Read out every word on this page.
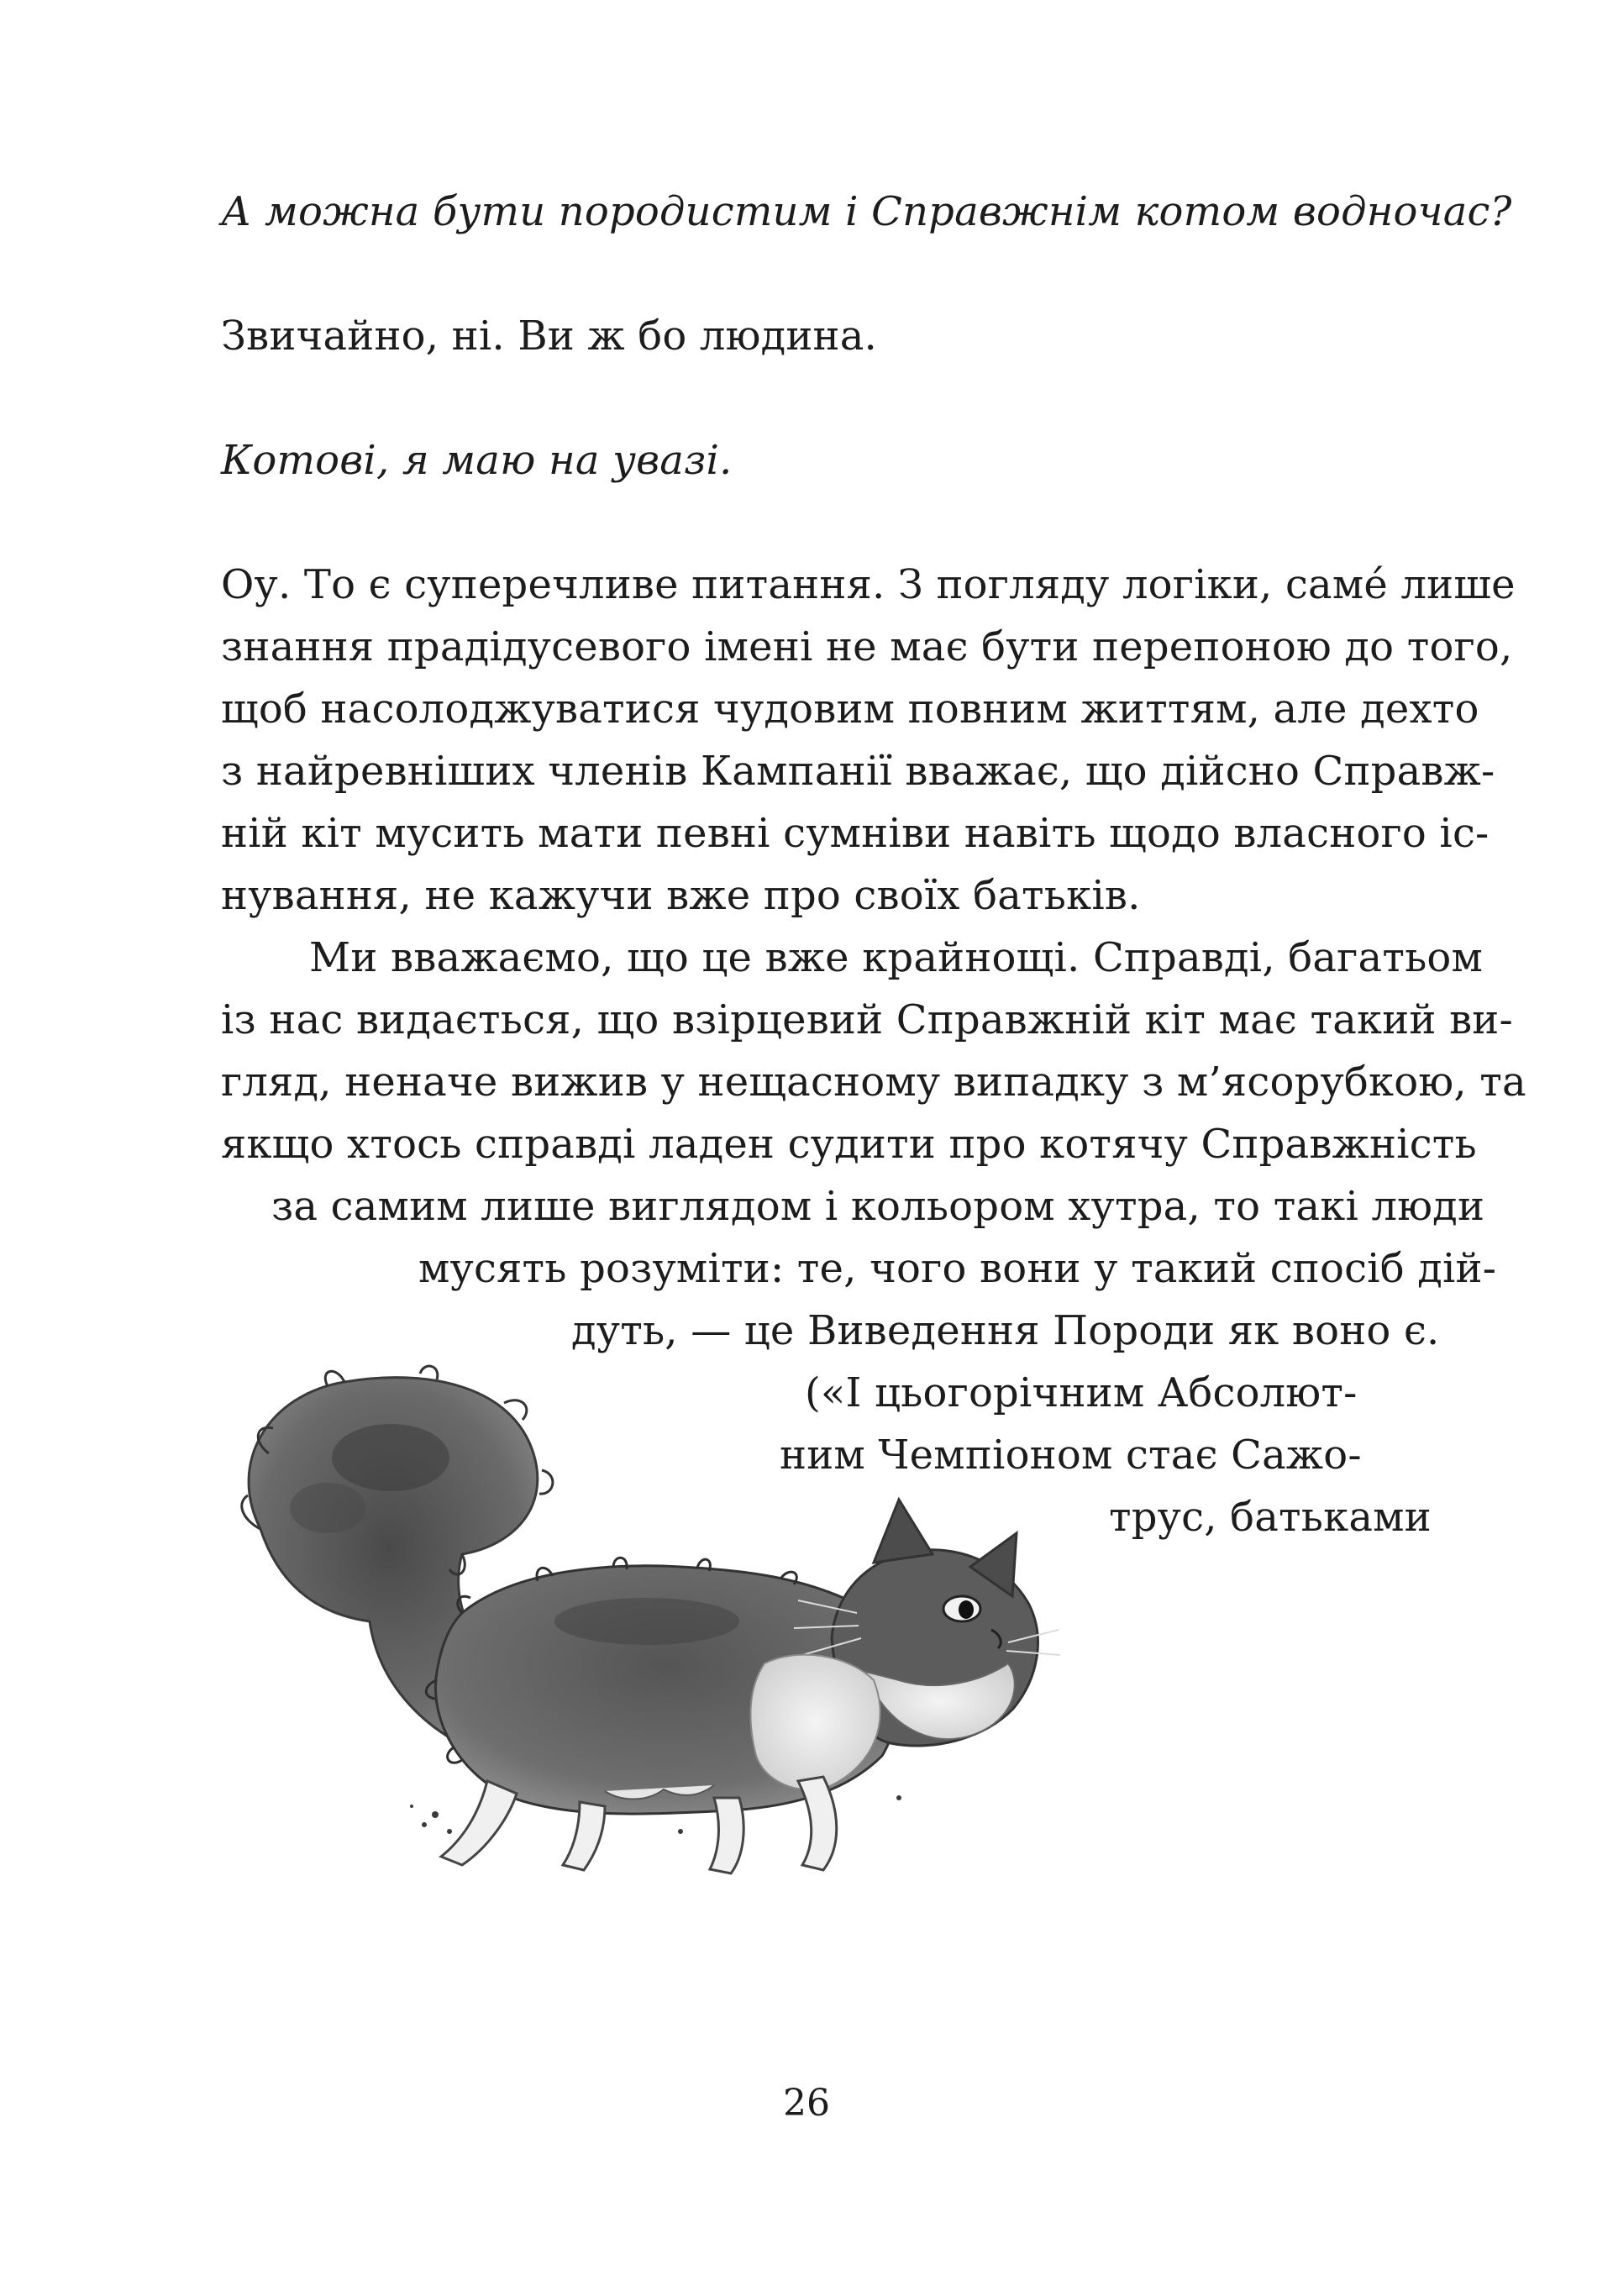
А можна бути породистим і Справжнім котом водночас?
Звичайно, ні. Ви ж бо людина.
Котові, я маю на увазі.
Оу. То є суперечливе питання. З погляду логіки, самé лише
знання прадідусевого імені не має бути перепоною до того,
щоб насолоджуватися чудовим повним життям, але дехто
з найревніших членів Кампанії вважає, що дійсно Справж-
ній кіт мусить мати певні сумніви навіть щодо власного іс-
нування, не кажучи вже про своїх батьків.
Ми вважаємо, що це вже крайнощі. Справді, багатьом
із нас видається, що взірцевий Справжній кіт має такий ви-
гляд, неначе вижив у нещасному випадку з м’ясорубкою, та
якщо хтось справді ладен судити про котячу Справжність
за самим лише виглядом і кольором хутра, то такі люди
мусять розуміти: те, чого вони у такий спосіб дій-
дуть, — це Виведення Породи як воно є.
(«І цьогорічним Абсолют-
ним Чемпіоном стає Сажо-
трус, батьками
26
